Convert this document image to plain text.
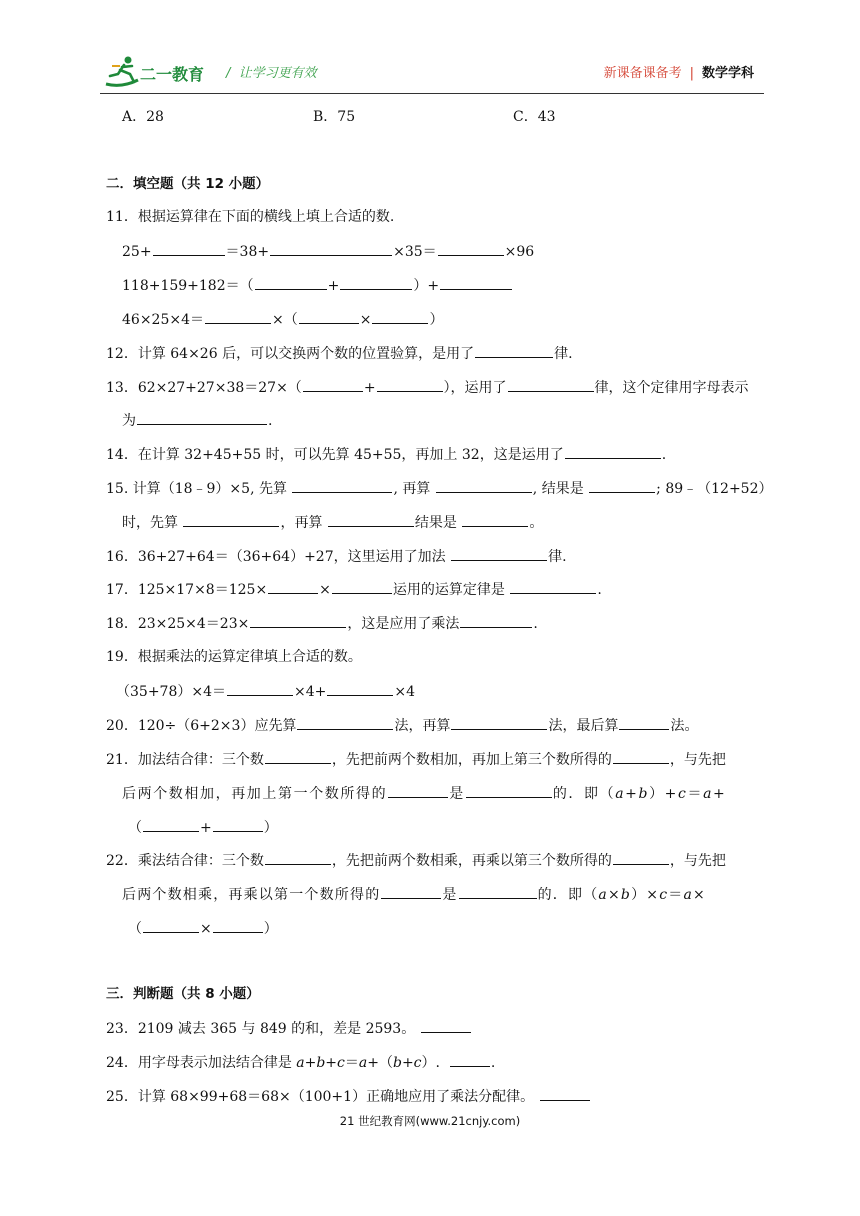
二一教育 /  让学习更有效	新课备课备考 | 数学学科
A．28	B．75	C．43
二．填空题（共 12 小题）
11．根据运算律在下面的横线上填上合适的数.
25+	＝38+	×35＝	×96
118+159+182＝（	+	）+
46×25×4＝	×（	×	）
12．计算 64×26 后，可以交换两个数的位置验算，是用了	律.
13．62×27+27×38＝27×（	+	），运用了	律，这个定律用字母表示
为	.
14．在计算 32+45+55 时，可以先算 45+55，再加上 32，这是运用了	.
15. 计算（18﹣9）×5, 先算	, 再算	, 结果是	; 89﹣（12+52）
时，先算	，再算	结果是	。
16．36+27+64＝（36+64）+27，这里运用了加法	律.
17．125×17×8＝125×	×	运用的运算定律是	.
18．23×25×4＝23×	，这是应用了乘法	.
19．根据乘法的运算定律填上合适的数。
（35+78）×4＝	×4+	×4
20．120÷（6+2×3）应先算	法，再算	法，最后算	法。
21．加法结合律：三个数	，先把前两个数相加，再加上第三个数所得的	，与先把
后两个数相加，再加上第一个数所得的	是	的．即（a+b）+c＝a+
（	+	）
22．乘法结合律：三个数	，先把前两个数相乘，再乘以第三个数所得的	，与先把
后两个数相乘，再乘以第一个数所得的	是	的．即（a×b）×c＝a×
（	×	）
三．判断题（共 8 小题）
23．2109 减去 365 与 849 的和，差是 2593。
24．用字母表示加法结合律是 a+b+c＝a+（b+c）.	.
25．计算 68×99+68＝68×（100+1）正确地应用了乘法分配律。
21 世纪教育网(www.21cnjy.com)
